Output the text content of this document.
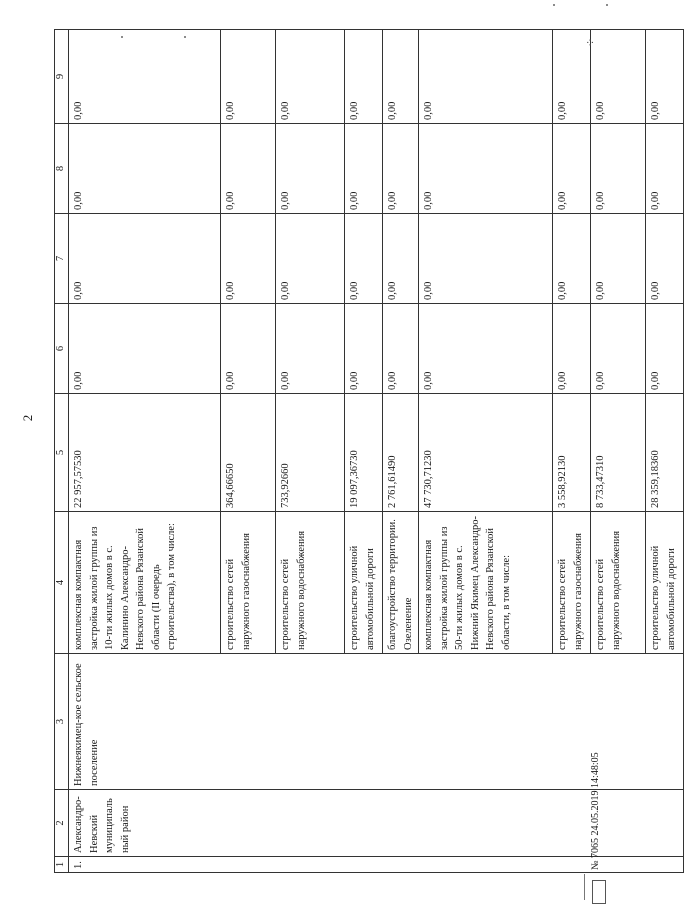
2
1	2	3	4	5	6	7	8	9
1.	Александро-Невский муниципальный район	Нижнеякимец-кое сельское поселение	комплексная компактная застройка жилой группы из 10-ти жилых домов в с. Калинино Александро-Невского района Рязанской области (II очередь строительства), в том числе:	22 957,57530	0,00	0,00	0,00	0,00
			строительство сетей наружного газоснабжения	364,66650	0,00	0,00	0,00	0,00
			строительство сетей наружного водоснабжения	733,92660	0,00	0,00	0,00	0,00
			строительство уличной автомобильной дороги	19 097,36730	0,00	0,00	0,00	0,00
			благоустройство территории. Озеленение	2 761,61490	0,00	0,00	0,00	0,00
			комплексная компактная застройка жилой группы из 50-ти жилых домов в с. Нижний Якимец Александро-Невского района Рязанской области, в том числе:	47 730,71230	0,00	0,00	0,00	0,00
			строительство сетей наружного газоснабжения	3 558,92130	0,00	0,00	0,00	0,00
			строительство сетей наружного водоснабжения	8 733,47310	0,00	0,00	0,00	0,00
			строительство уличной автомобильной дороги	28 359,18360	0,00	0,00	0,00	0,00
№ 7065 24.05.2019 14:48:05
⁘
